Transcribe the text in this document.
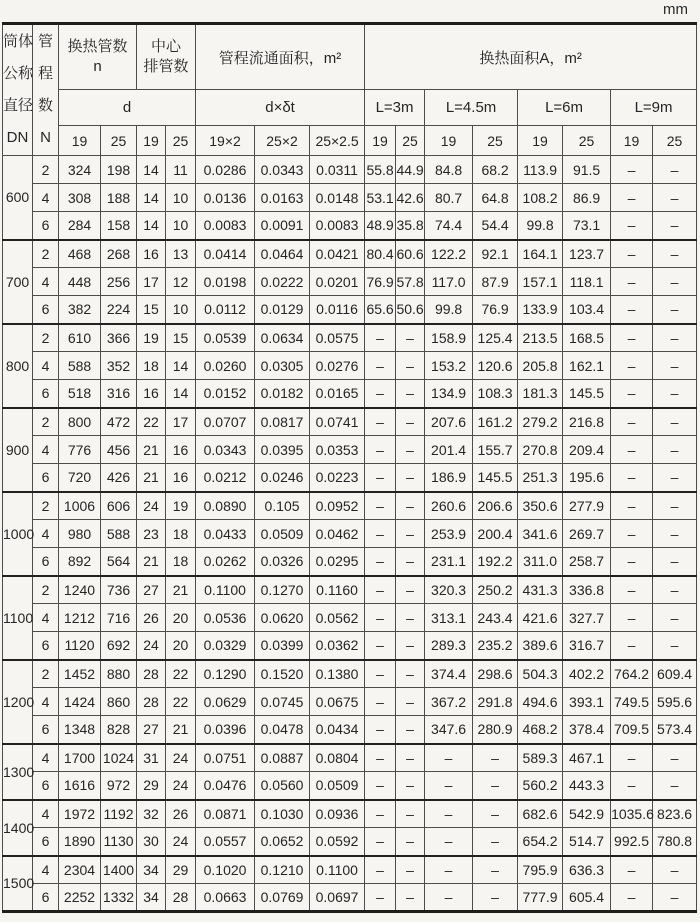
mm
筒体
公称
直径
DN	管
程
数
N	换热管数
n		中心
排管数		管程流通面积，m²			换热面积A，m²							
		d				d×δt			L=3m		L=4.5m		L=6m		L=9m	
		19	25	19	25	19×2	25×2	25×2.5	19	25	19	25	19	25	19	25
600	2	324	198	14	11	0.0286	0.0343	0.0311	55.8	44.9	84.8	68.2	113.9	91.5	–	–
	4	308	188	14	10	0.0136	0.0163	0.0148	53.1	42.6	80.7	64.8	108.2	86.9	–	–
	6	284	158	14	10	0.0083	0.0091	0.0083	48.9	35.8	74.4	54.4	99.8	73.1	–	–
700	2	468	268	16	13	0.0414	0.0464	0.0421	80.4	60.6	122.2	92.1	164.1	123.7	–	–
	4	448	256	17	12	0.0198	0.0222	0.0201	76.9	57.8	117.0	87.9	157.1	118.1	–	–
	6	382	224	15	10	0.0112	0.0129	0.0116	65.6	50.6	99.8	76.9	133.9	103.4	–	–
800	2	610	366	19	15	0.0539	0.0634	0.0575	–	–	158.9	125.4	213.5	168.5	–	–
	4	588	352	18	14	0.0260	0.0305	0.0276	–	–	153.2	120.6	205.8	162.1	–	–
	6	518	316	16	14	0.0152	0.0182	0.0165	–	–	134.9	108.3	181.3	145.5	–	–
900	2	800	472	22	17	0.0707	0.0817	0.0741	–	–	207.6	161.2	279.2	216.8	–	–
	4	776	456	21	16	0.0343	0.0395	0.0353	–	–	201.4	155.7	270.8	209.4	–	–
	6	720	426	21	16	0.0212	0.0246	0.0223	–	–	186.9	145.5	251.3	195.6	–	–
1000	2	1006	606	24	19	0.0890	0.105	0.0952	–	–	260.6	206.6	350.6	277.9	–	–
	4	980	588	23	18	0.0433	0.0509	0.0462	–	–	253.9	200.4	341.6	269.7	–	–
	6	892	564	21	18	0.0262	0.0326	0.0295	–	–	231.1	192.2	311.0	258.7	–	–
1100	2	1240	736	27	21	0.1100	0.1270	0.1160	–	–	320.3	250.2	431.3	336.8	–	–
	4	1212	716	26	20	0.0536	0.0620	0.0562	–	–	313.1	243.4	421.6	327.7	–	–
	6	1120	692	24	20	0.0329	0.0399	0.0362	–	–	289.3	235.2	389.6	316.7	–	–
1200	2	1452	880	28	22	0.1290	0.1520	0.1380	–	–	374.4	298.6	504.3	402.2	764.2	609.4
	4	1424	860	28	22	0.0629	0.0745	0.0675	–	–	367.2	291.8	494.6	393.1	749.5	595.6
	6	1348	828	27	21	0.0396	0.0478	0.0434	–	–	347.6	280.9	468.2	378.4	709.5	573.4
1300	4	1700	1024	31	24	0.0751	0.0887	0.0804	–	–	–	–	589.3	467.1	–	–
	6	1616	972	29	24	0.0476	0.0560	0.0509	–	–	–	–	560.2	443.3	–	–
1400	4	1972	1192	32	26	0.0871	0.1030	0.0936	–	–	–	–	682.6	542.9	1035.6	823.6
	6	1890	1130	30	24	0.0557	0.0652	0.0592	–	–	–	–	654.2	514.7	992.5	780.8
1500	4	2304	1400	34	29	0.1020	0.1210	0.1100	–	–	–	–	795.9	636.3	–	–
	6	2252	1332	34	28	0.0663	0.0769	0.0697	–	–	–	–	777.9	605.4	–	–
